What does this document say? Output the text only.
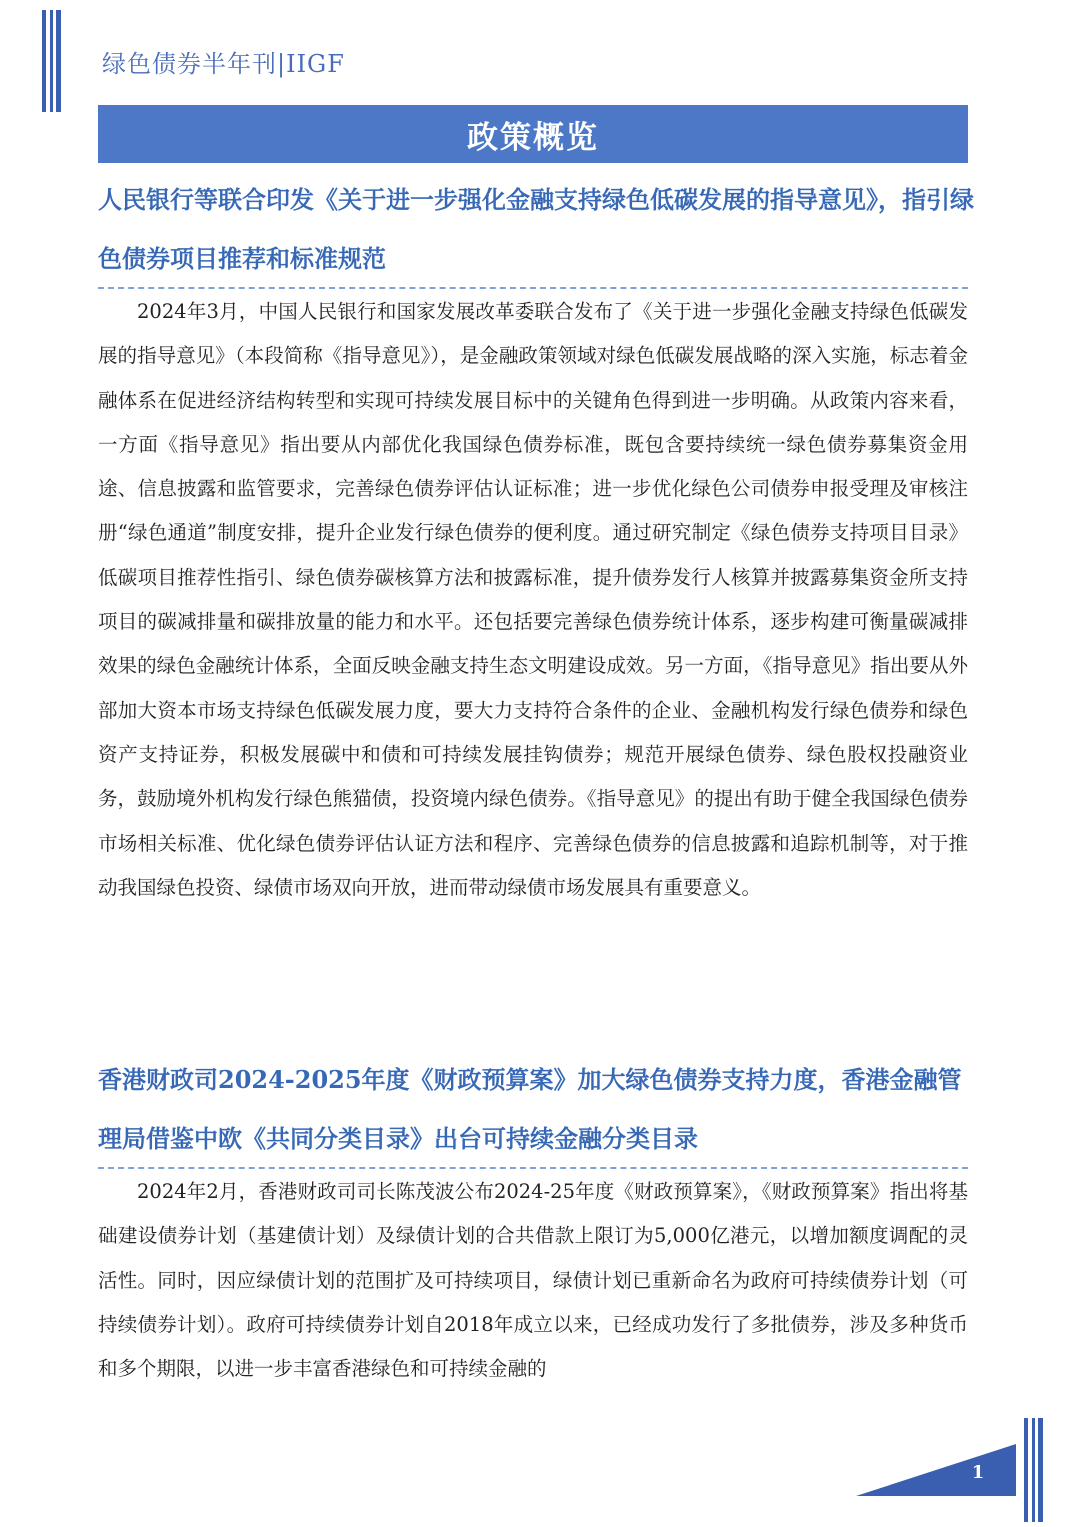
绿色债券半年刊|IIGF
政策概览
人民银行等联合印发《关于进一步强化金融支持绿色低碳发展的指导意见》，指引绿色债券项目推荐和标准规范

2024年3月，中国人民银行和国家发展改革委联合发布了《关于进一步强化金融支持绿色低碳发展的指导意见》（本段简称《指导意见》），是金融政策领域对绿色低碳发展战略的深入实施，标志着金融体系在促进经济结构转型和实现可持续发展目标中的关键角色得到进一步明确。从政策内容来看，一方面《指导意见》指出要从内部优化我国绿色债券标准，既包含要持续统一绿色债券募集资金用途、信息披露和监管要求，完善绿色债券评估认证标准；进一步优化绿色公司债券申报受理及审核注册“绿色通道”制度安排，提升企业发行绿色债券的便利度。通过研究制定《绿色债券支持项目目录》低碳项目推荐性指引、绿色债券碳核算方法和披露标准，提升债券发行人核算并披露募集资金所支持项目的碳减排量和碳排放量的能力和水平。还包括要完善绿色债券统计体系，逐步构建可衡量碳减排效果的绿色金融统计体系，全面反映金融支持生态文明建设成效。另一方面，《指导意见》指出要从外部加大资本市场支持绿色低碳发展力度，要大力支持符合条件的企业、金融机构发行绿色债券和绿色资产支持证券，积极发展碳中和债和可持续发展挂钩债券；规范开展绿色债券、绿色股权投融资业务，鼓励境外机构发行绿色熊猫债，投资境内绿色债券。《指导意见》的提出有助于健全我国绿色债券市场相关标准、优化绿色债券评估认证方法和程序、完善绿色债券的信息披露和追踪机制等，对于推动我国绿色投资、绿债市场双向开放，进而带动绿债市场发展具有重要意义。

香港财政司2024-2025年度《财政预算案》加大绿色债券支持力度，香港金融管理局借鉴中欧《共同分类目录》出台可持续金融分类目录

2024年2月，香港财政司司长陈茂波公布2024-25年度《财政预算案》，《财政预算案》指出将基础建设债券计划（基建债计划）及绿债计划的合共借款上限订为5,000亿港元，以增加额度调配的灵活性。同时，因应绿债计划的范围扩及可持续项目，绿债计划已重新命名为政府可持续债券计划（可持续债券计划）。政府可持续债券计划自2018年成立以来，已经成功发行了多批债券，涉及多种货币和多个期限，以进一步丰富香港绿色和可持续金融的

1
